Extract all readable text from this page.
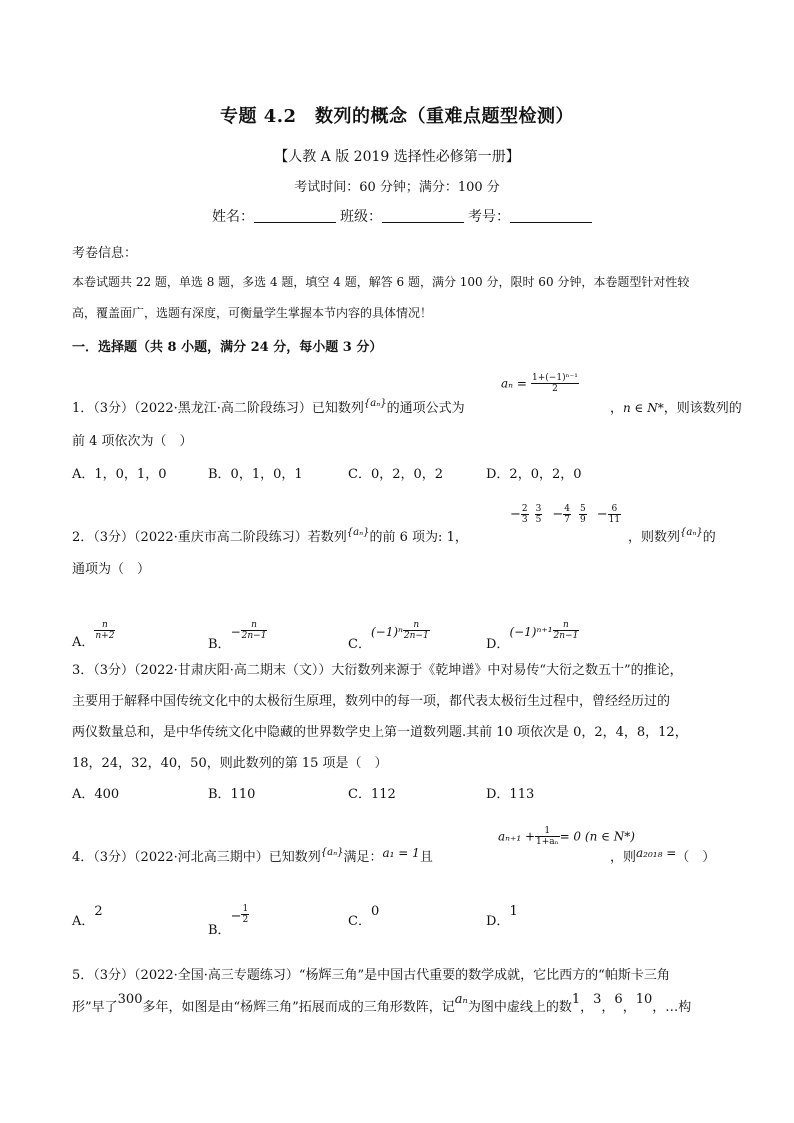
专题 4.2　数列的概念（重难点题型检测）
【人教 A 版 2019 选择性必修第一册】
考试时间：60 分钟；满分：100 分
姓名：	班级：	考号：
考卷信息：
本卷试题共 22 题，单选 8 题，多选 4 题，填空 4 题，解答 6 题，满分 100 分，限时 60 分钟，本卷题型针对性较
高，覆盖面广，选题有深度，可衡量学生掌握本节内容的具体情况！
一．选择题（共 8 小题，满分 24 分，每小题 3 分）
1．（3分）（2022·黑龙江·高二阶段练习）已知数列$^{\{a_n\}}$的通项公式为
$a_n = \frac{\text{1+(−1)ⁿ⁻¹}}{2}$
，n ∈ N*，则该数列的
前 4 项依次为（　）
A．1，0，1，0	B．0，1，0，1	C．0，2，0，2	D．2，0，2，0
2．（3分）（2022·重庆市高二阶段练习）若数列$^{\{a_n\}}$的前 6 项为: 1，
− $\frac{2}{3} \frac{3}{5} - \frac{4}{7} \frac{5}{9} - \frac{6}{11}$
，则数列$^{\{a_n\}}$的
通项为（　）
A．
$\frac{n}{n+2}$
B．− $\frac{n}{2n-1}$
C．$(-1)^n \frac{n}{2n-1}$
D．$(-1)^{n+1} \frac{n}{2n-1}$
3．（3分）（2022·甘肃庆阳·高二期末（文））大衍数列来源于《乾坤谱》中对易传“大衍之数五十”的推论，
主要用于解释中国传统文化中的太极衍生原理，数列中的每一项，都代表太极衍生过程中，曾经经历过的
两仪数量总和，是中华传统文化中隐藏的世界数学史上第一道数列题.其前 10 项依次是 0，2，4，8，12，
18，24，32，40，50，则此数列的第 15 项是（　）
A．400	B．110	C．112	D．113
4．（3分）（2022·河北高三期中）已知数列$^{\{a_n\}}$满足：a₁ = 1且
$a_{n+1} + \frac{1}{\text{1+aₙ}} = 0$ (n ∈ N*)
，则a₂₀₁₈ =（　）
A．2
B．− $\frac{1}{2}$	C．0
D．1
5．（3分）（2022·全国·高三专题练习）“杨辉三角”是中国古代重要的数学成就，它比西方的“帕斯卡三角
形”早了300多年，如图是由“杨辉三角”拓展而成的三角形数阵，记aₙ为图中虚线上的数1，3，6，10，…构
